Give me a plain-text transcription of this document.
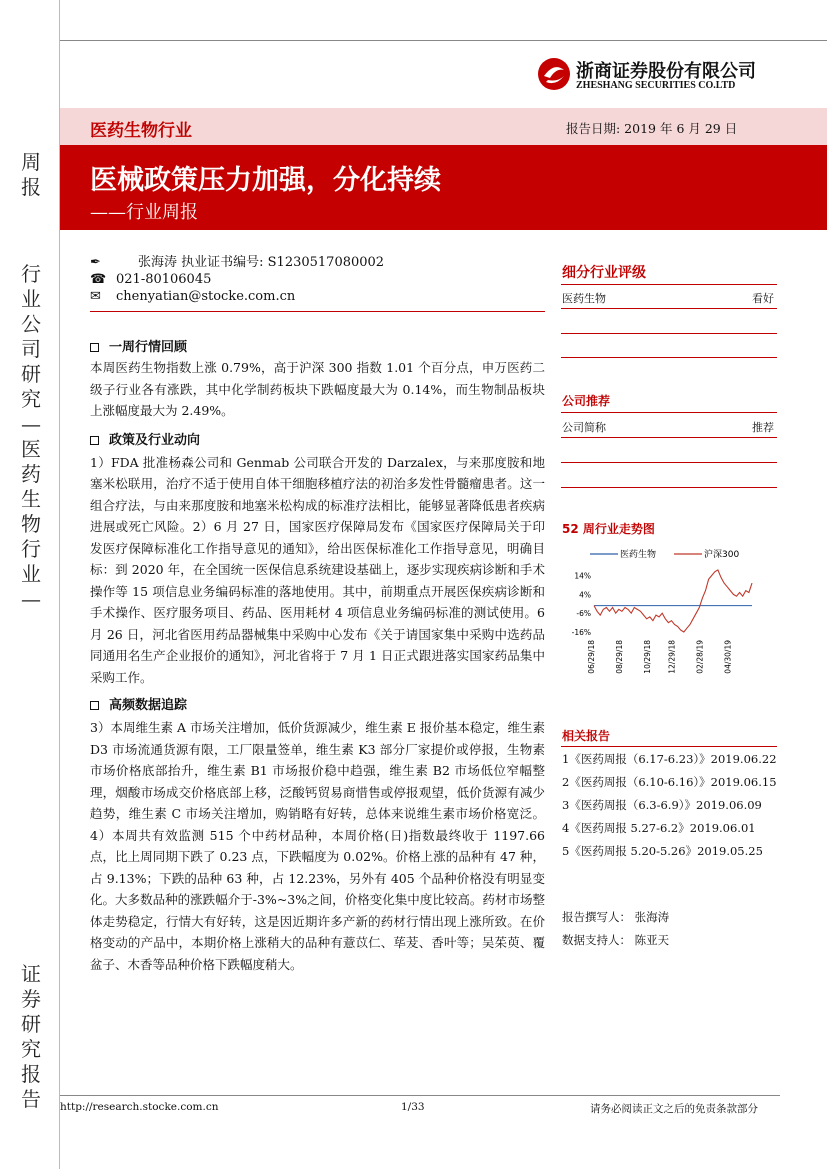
周报
行业公司研究—医药生物行业—
证券研究报告
浙商证券股份有限公司
ZHESHANG SECURITIES CO.LTD
医药生物行业	报告日期: 2019 年 6 月 29 日
医械政策压力加强，分化持续
——行业周报
✒	张海涛 执业证书编号: S1230517080002
☎ 021-80106045
✉	chenyatian@stocke.com.cn
一周行情回顾
本周医药生物指数上涨 0.79%，高于沪深 300 指数 1.01 个百分点，申万医药二级子行业各有涨跌，其中化学制药板块下跌幅度最大为 0.14%，而生物制品板块上涨幅度最大为 2.49%。
政策及行业动向
1）FDA 批准杨森公司和 Genmab 公司联合开发的 Darzalex，与来那度胺和地塞米松联用，治疗不适于使用自体干细胞移植疗法的初治多发性骨髓瘤患者。这一组合疗法，与由来那度胺和地塞米松构成的标准疗法相比，能够显著降低患者疾病进展或死亡风险。2）6 月 27 日，国家医疗保障局发布《国家医疗保障局关于印发医疗保障标准化工作指导意见的通知》，给出医保标准化工作指导意见，明确目标：到 2020 年，在全国统一医保信息系统建设基础上，逐步实现疾病诊断和手术操作等 15 项信息业务编码标准的落地使用。其中，前期重点开展医保疾病诊断和手术操作、医疗服务项目、药品、医用耗材 4 项信息业务编码标准的测试使用。6 月 26 日，河北省医用药品器械集中采购中心发布《关于请国家集中采购中选药品同通用名生产企业报价的通知》，河北省将于 7 月 1 日正式跟进落实国家药品集中采购工作。
高频数据追踪
3）本周维生素 A 市场关注增加，低价货源减少，维生素 E 报价基本稳定，维生素 D3 市场流通货源有限，工厂限量签单，维生素 K3 部分厂家提价或停报，生物素市场价格底部抬升，维生素 B1 市场报价稳中趋强，维生素 B2 市场低位窄幅整理，烟酸市场成交价格底部上移，泛酸钙贸易商惜售或停报观望，低价货源有减少趋势，维生素 C 市场关注增加，购销略有好转，总体来说维生素市场价格宽泛。4）本周共有效监测 515 个中药材品种，本周价格(日)指数最终收于 1197.66 点，比上周同期下跌了 0.23 点，下跌幅度为 0.02%。价格上涨的品种有 47 种，占 9.13%；下跌的品种 63 种，占 12.23%，另外有 405 个品种价格没有明显变化。大多数品种的涨跌幅介于-3%~3%之间，价格变化集中度比较高。药材市场整体走势稳定，行情大有好转，这是因近期许多产新的药材行情出现上涨所致。在价格变动的产品中，本期价格上涨稍大的品种有薏苡仁、荜茇、香叶等；吴茱萸、覆盆子、木香等品种价格下跌幅度稍大。
细分行业评级
医药生物	看好
公司推荐
公司简称	推荐
52 周行业走势图
医药生物	沪深300
14%
4%
-6%
-16%
06/29/18	08/29/18	10/29/18 12/29/18	02/28/19	04/30/19
相关报告
1《医药周报（6.17-6.23）》2019.06.22
2《医药周报（6.10-6.16）》2019.06.15
3《医药周报（6.3-6.9）》2019.06.09
4《医药周报 5.27-6.2》2019.06.01
5《医药周报 5.20-5.26》2019.05.25
报告撰写人： 张海涛
数据支持人： 陈亚天
http://research.stocke.com.cn	1/33	请务必阅读正文之后的免责条款部分
